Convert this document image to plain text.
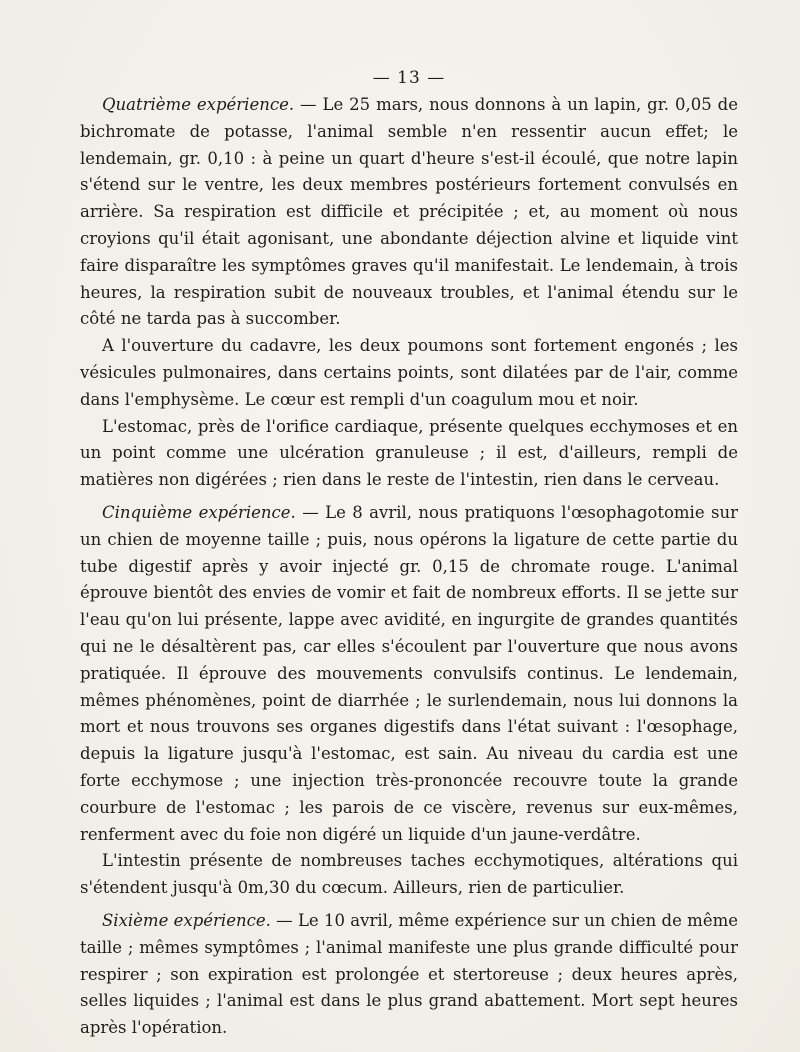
— 13 —

Quatrième expérience. — Le 25 mars, nous donnons à un lapin, gr. 0,05 de bichromate de potasse, l'animal semble n'en ressentir aucun effet; le lendemain, gr. 0,10 : à peine un quart d'heure s'est-il écoulé, que notre lapin s'étend sur le ventre, les deux membres postérieurs fortement convulsés en arrière. Sa respiration est difficile et précipitée ; et, au moment où nous croyions qu'il était agonisant, une abondante déjection alvine et liquide vint faire disparaître les symptômes graves qu'il manifestait. Le lendemain, à trois heures, la respiration subit de nouveaux troubles, et l'animal étendu sur le côté ne tarda pas à succomber.

A l'ouverture du cadavre, les deux poumons sont fortement engonés ; les vésicules pulmonaires, dans certains points, sont dilatées par de l'air, comme dans l'emphysème. Le cœur est rempli d'un coagulum mou et noir.

L'estomac, près de l'orifice cardiaque, présente quelques ecchymoses et en un point comme une ulcération granuleuse ; il est, d'ailleurs, rempli de matières non digérées ; rien dans le reste de l'intestin, rien dans le cerveau.

Cinquième expérience. — Le 8 avril, nous pratiquons l'œsophagotomie sur un chien de moyenne taille ; puis, nous opérons la ligature de cette partie du tube digestif après y avoir injecté gr. 0,15 de chromate rouge. L'animal éprouve bientôt des envies de vomir et fait de nombreux efforts. Il se jette sur l'eau qu'on lui présente, lappe avec avidité, en ingurgite de grandes quantités qui ne le désaltèrent pas, car elles s'écoulent par l'ouverture que nous avons pratiquée. Il éprouve des mouvements convulsifs continus. Le lendemain, mêmes phénomènes, point de diarrhée ; le surlendemain, nous lui donnons la mort et nous trouvons ses organes digestifs dans l'état suivant : l'œsophage, depuis la ligature jusqu'à l'estomac, est sain. Au niveau du cardia est une forte ecchymose ; une injection très-prononcée recouvre toute la grande courbure de l'estomac ; les parois de ce viscère, revenus sur eux-mêmes, renferment avec du foie non digéré un liquide d'un jaune-verdâtre.

L'intestin présente de nombreuses taches ecchymotiques, altérations qui s'étendent jusqu'à 0m,30 du cœcum. Ailleurs, rien de particulier.

Sixième expérience. — Le 10 avril, même expérience sur un chien de même taille ; mêmes symptômes ; l'animal manifeste une plus grande difficulté pour respirer ; son expiration est prolongée et stertoreuse ; deux heures après, selles liquides ; l'animal est dans le plus grand abattement. Mort sept heures après l'opération.
